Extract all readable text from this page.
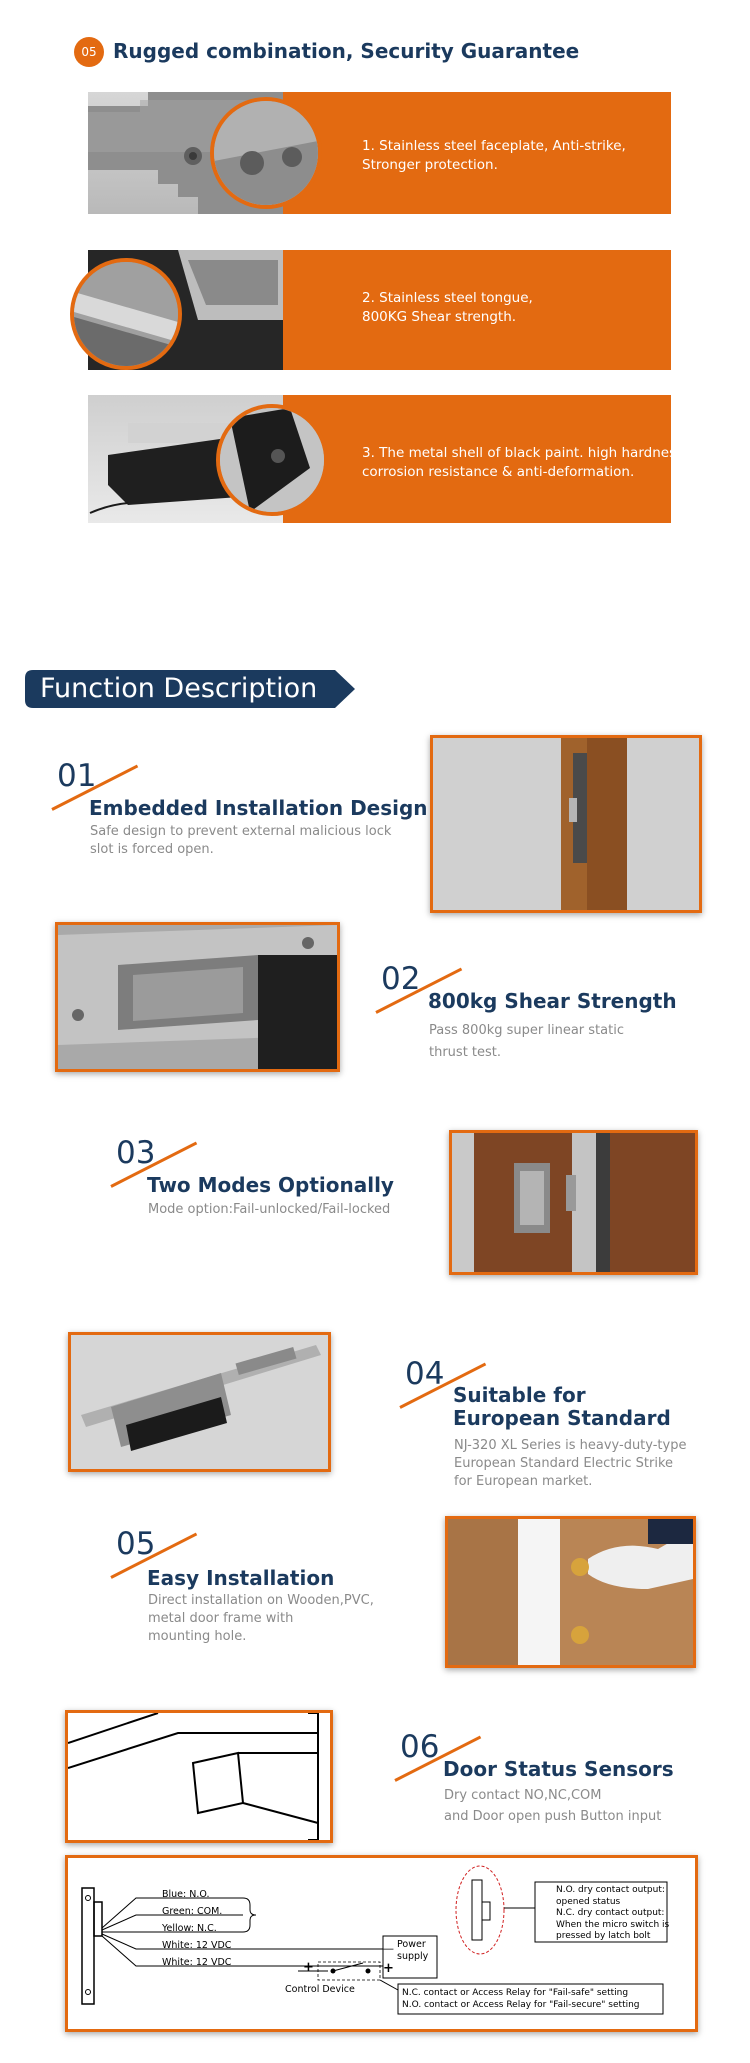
05 Rugged combination, Security Guarantee
1. Stainless steel faceplate, Anti-strike,
Stronger protection.
2. Stainless steel tongue,
800KG Shear strength.
3. The metal shell of black paint. high hardness,
corrosion resistance & anti-deformation.
Function Description
01
Embedded Installation Design
Safe design to prevent external malicious lock
slot is forced open.
02
800kg Shear Strength
Pass 800kg super linear static
thrust test.
03
Two Modes Optionally
Mode option:Fail-unlocked/Fail-locked
04
Suitable for
European Standard
NJ-320 XL Series is heavy-duty-type
European Standard Electric Strike
for European market.
05
Easy Installation
Direct installation on Wooden,PVC,
metal door frame with
mounting hole.
06
Door Status Sensors
Dry contact NO,NC,COM
and Door open push Button input
Blue: N.O.
Green: COM.
Yellow: N.C.
White: 12 VDC
White: 12 VDC
—
+
Power
supply
+
Control Device
N.O. dry contact output:
opened status
N.C. dry contact output:
When the micro switch is
pressed by latch bolt
N.C. contact or Access Relay for "Fail-safe" setting
N.O. contact or Access Relay for "Fail-secure" setting
